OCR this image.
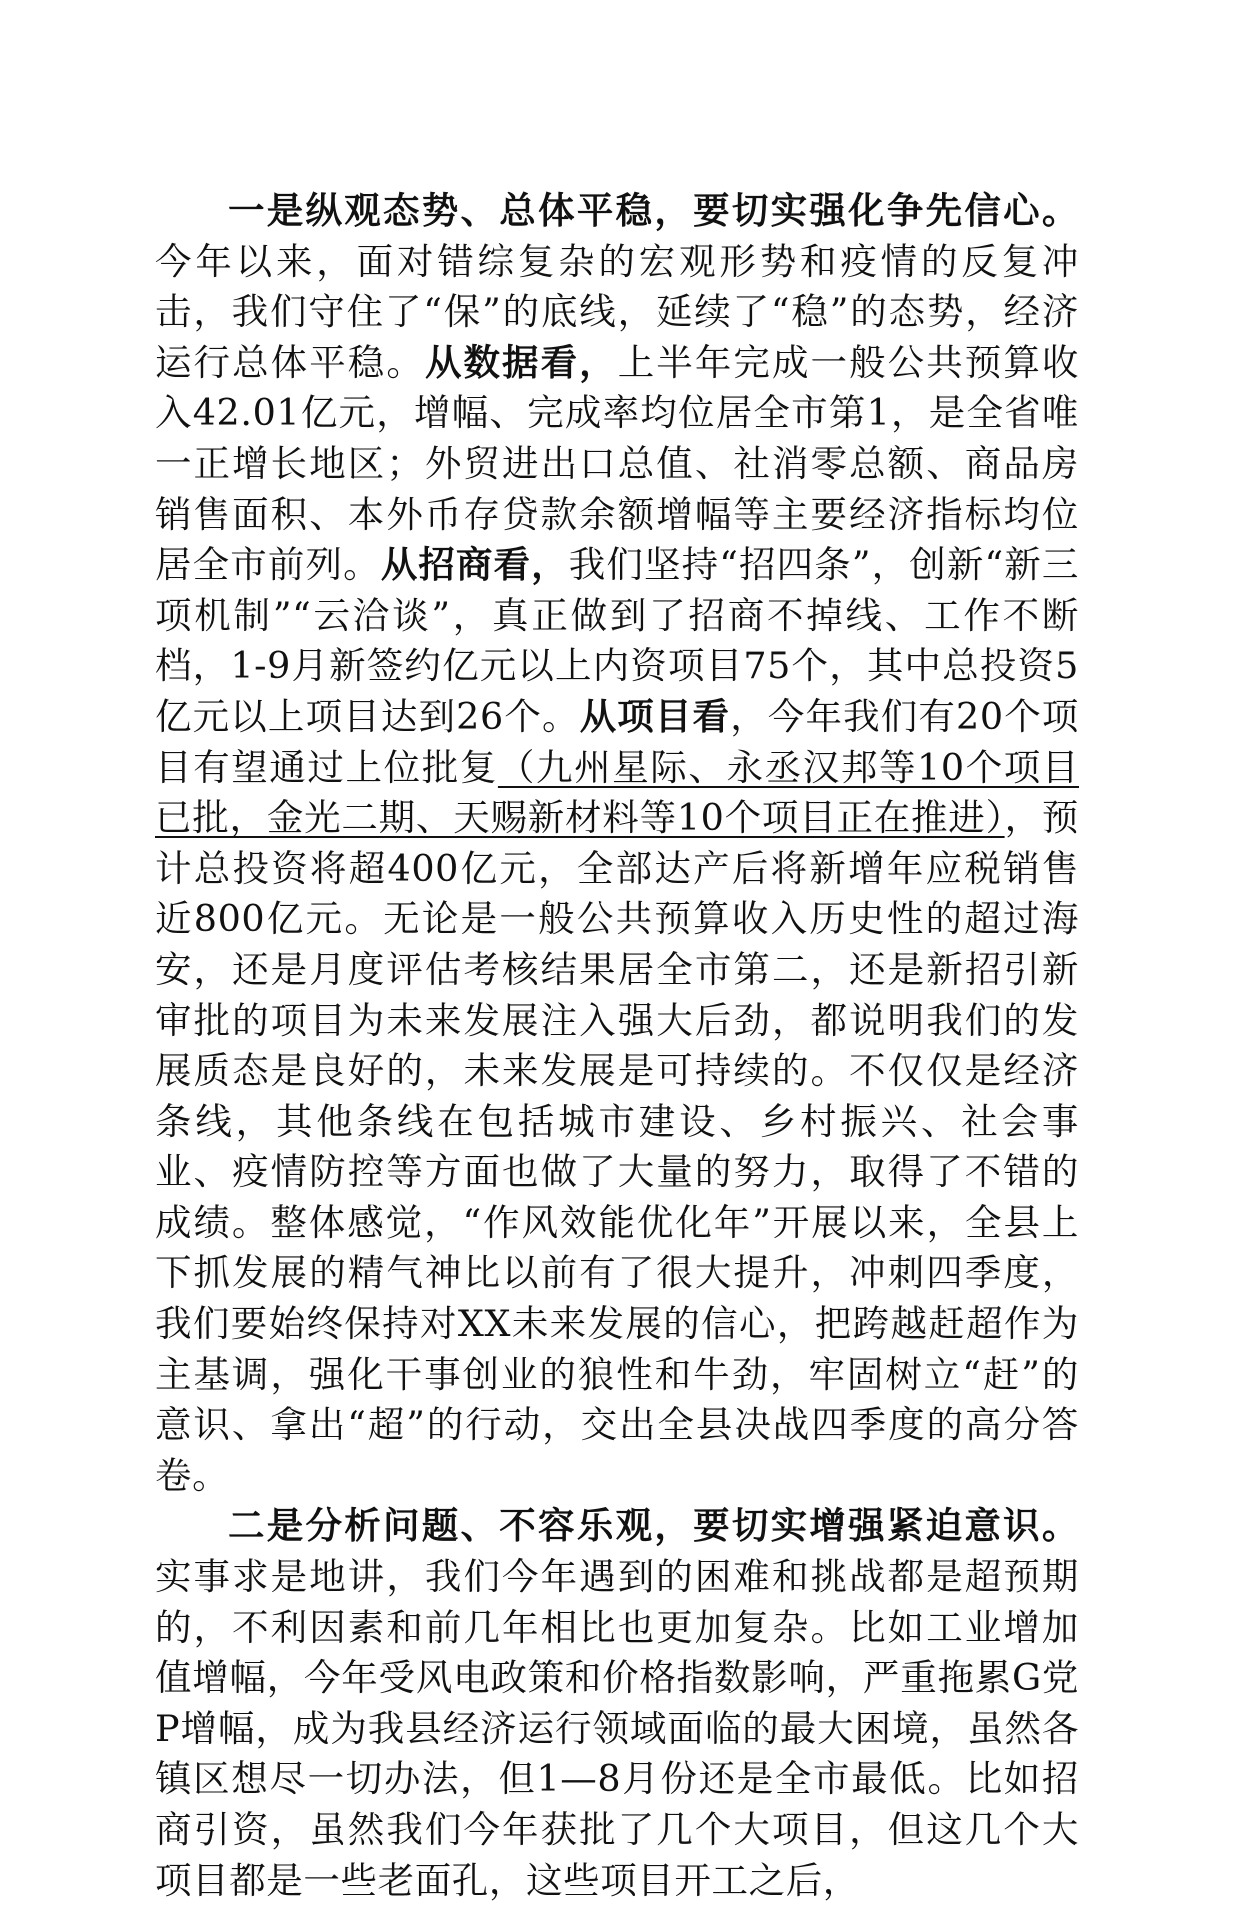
一是纵观态势、总体平稳，要切实强化争先信心。今年以来，面对错综复杂的宏观形势和疫情的反复冲击，我们守住了“保”的底线，延续了“稳”的态势，经济运行总体平稳。从数据看，上半年完成一般公共预算收入42.01亿元，增幅、完成率均位居全市第1，是全省唯一正增长地区；外贸进出口总值、社消零总额、商品房销售面积、本外币存贷款余额增幅等主要经济指标均位居全市前列。从招商看，我们坚持“招四条”，创新“新三项机制”“云洽谈”，真正做到了招商不掉线、工作不断档，1-9月新签约亿元以上内资项目75个，其中总投资5亿元以上项目达到26个。从项目看，今年我们有20个项目有望通过上位批复（九州星际、永丞汉邦等10个项目已批，金光二期、天赐新材料等10个项目正在推进），预计总投资将超400亿元，全部达产后将新增年应税销售近800亿元。无论是一般公共预算收入历史性的超过海安，还是月度评估考核结果居全市第二，还是新招引新审批的项目为未来发展注入强大后劲，都说明我们的发展质态是良好的，未来发展是可持续的。不仅仅是经济条线，其他条线在包括城市建设、乡村振兴、社会事业、疫情防控等方面也做了大量的努力，取得了不错的成绩。整体感觉，“作风效能优化年”开展以来，全县上下抓发展的精气神比以前有了很大提升，冲刺四季度，我们要始终保持对XX未来发展的信心，把跨越赶超作为主基调，强化干事创业的狼性和牛劲，牢固树立“赶”的意识、拿出“超”的行动，交出全县决战四季度的高分答卷。

二是分析问题、不容乐观，要切实增强紧迫意识。实事求是地讲，我们今年遇到的困难和挑战都是超预期的，不利因素和前几年相比也更加复杂。比如工业增加值增幅，今年受风电政策和价格指数影响，严重拖累G党P增幅，成为我县经济运行领域面临的最大困境，虽然各镇区想尽一切办法，但1—8月份还是全市最低。比如招商引资，虽然我们今年获批了几个大项目，但这几个大项目都是一些老面孔，这些项目开工之后，
